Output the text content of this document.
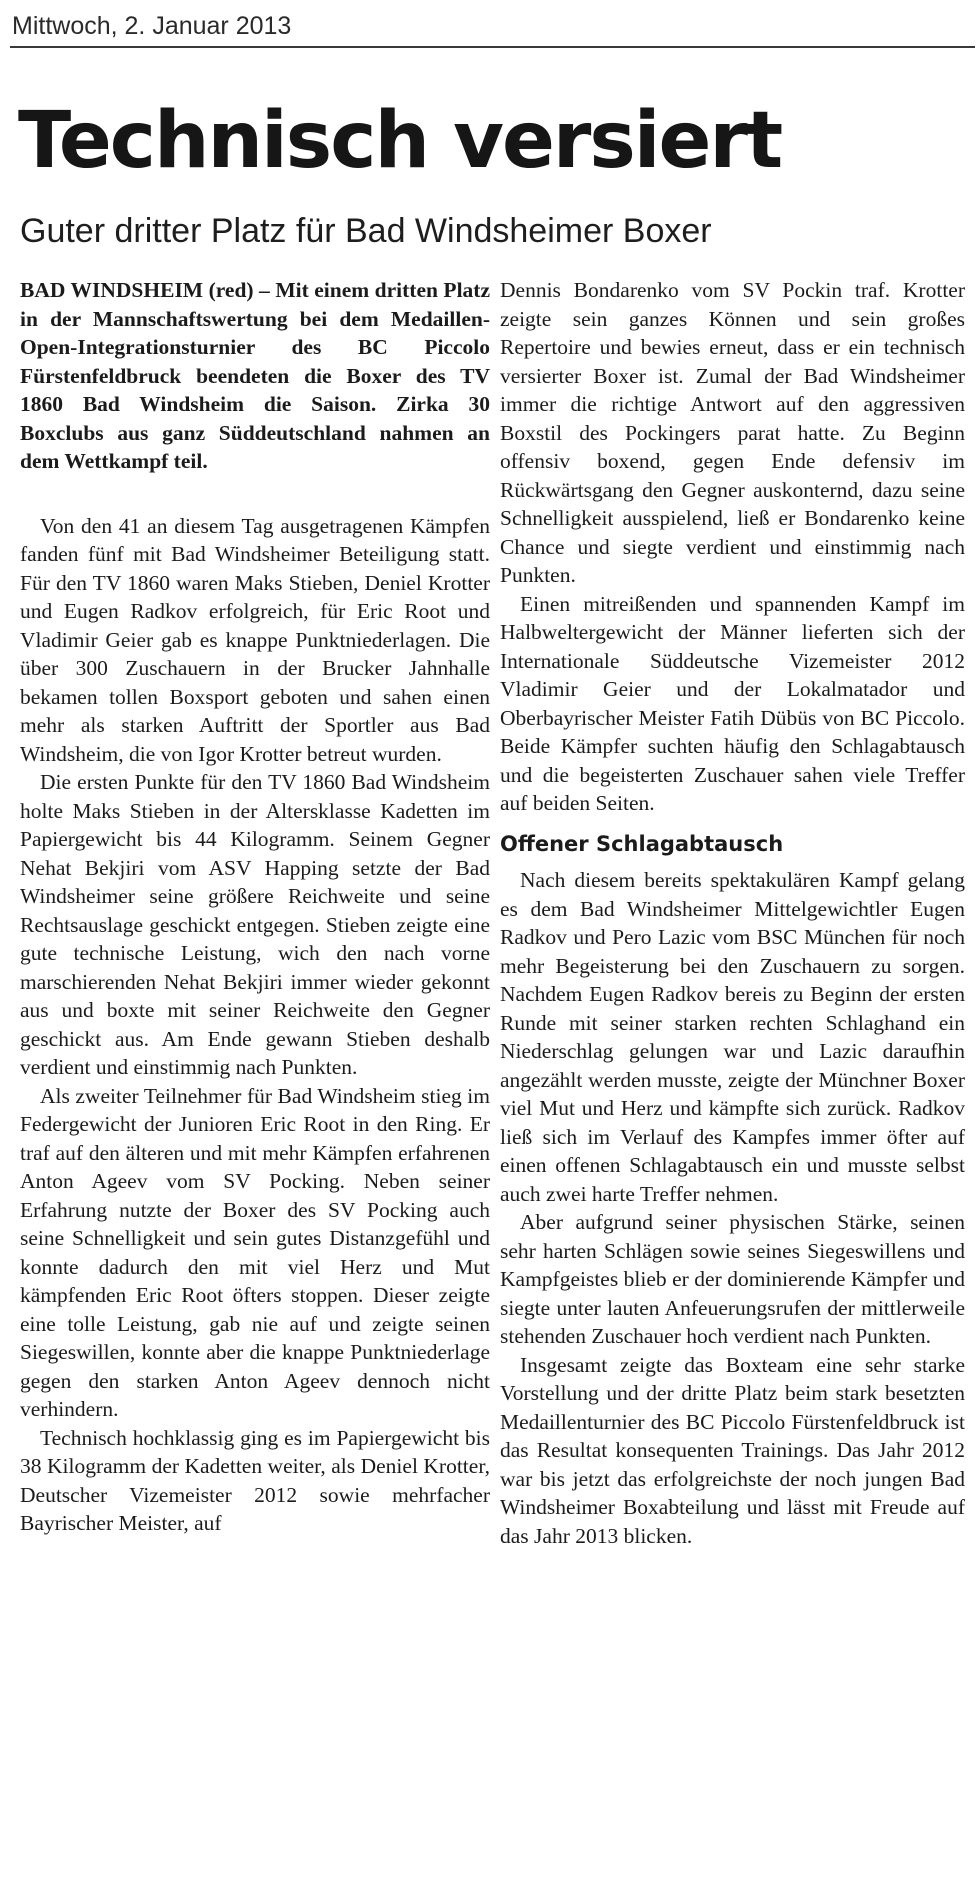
Mittwoch, 2. Januar 2013
Technisch versiert
Guter dritter Platz für Bad Windsheimer Boxer

BAD WINDSHEIM (red) – Mit einem dritten Platz in der Mannschaftswertung bei dem Medaillen-Open-Integrationsturnier des BC Piccolo Fürstenfeldbruck beendeten die Boxer des TV 1860 Bad Windsheim die Saison. Zirka 30 Boxclubs aus ganz Süddeutschland nahmen an dem Wettkampf teil.

Von den 41 an diesem Tag ausgetragenen Kämpfen fanden fünf mit Bad Windsheimer Beteiligung statt. Für den TV 1860 waren Maks Stieben, Deniel Krotter und Eugen Radkov erfolgreich, für Eric Root und Vladimir Geier gab es knappe Punktniederlagen. Die über 300 Zuschauern in der Brucker Jahnhalle bekamen tollen Boxsport geboten und sahen einen mehr als starken Auftritt der Sportler aus Bad Windsheim, die von Igor Krotter betreut wurden.

Die ersten Punkte für den TV 1860 Bad Windsheim holte Maks Stieben in der Altersklasse Kadetten im Papiergewicht bis 44 Kilogramm. Seinem Gegner Nehat Bekjiri vom ASV Happing setzte der Bad Windsheimer seine größere Reichweite und seine Rechtsauslage geschickt entgegen. Stieben zeigte eine gute technische Leistung, wich den nach vorne marschierenden Nehat Bekjiri immer wieder gekonnt aus und boxte mit seiner Reichweite den Gegner geschickt aus. Am Ende gewann Stieben deshalb verdient und einstimmig nach Punkten.

Als zweiter Teilnehmer für Bad Windsheim stieg im Federgewicht der Junioren Eric Root in den Ring. Er traf auf den älteren und mit mehr Kämpfen erfahrenen Anton Ageev vom SV Pocking. Neben seiner Erfahrung nutzte der Boxer des SV Pocking auch seine Schnelligkeit und sein gutes Distanzgefühl und konnte dadurch den mit viel Herz und Mut kämpfenden Eric Root öfters stoppen. Dieser zeigte eine tolle Leistung, gab nie auf und zeigte seinen Siegeswillen, konnte aber die knappe Punktniederlage gegen den starken Anton Ageev dennoch nicht verhindern.

Technisch hochklassig ging es im Papiergewicht bis 38 Kilogramm der Kadetten weiter, als Deniel Krotter, Deutscher Vizemeister 2012 sowie mehrfacher Bayrischer Meister, auf

Dennis Bondarenko vom SV Pockin traf. Krotter zeigte sein ganzes Können und sein großes Repertoire und bewies erneut, dass er ein technisch versierter Boxer ist. Zumal der Bad Windsheimer immer die richtige Antwort auf den aggressiven Boxstil des Pockingers parat hatte. Zu Beginn offensiv boxend, gegen Ende defensiv im Rückwärtsgang den Gegner auskonternd, dazu seine Schnelligkeit ausspielend, ließ er Bondarenko keine Chance und siegte verdient und einstimmig nach Punkten.

Einen mitreißenden und spannenden Kampf im Halbweltergewicht der Männer lieferten sich der Internationale Süddeutsche Vizemeister 2012 Vladimir Geier und der Lokalmatador und Oberbayrischer Meister Fatih Dübüs von BC Piccolo. Beide Kämpfer suchten häufig den Schlagabtausch und die begeisterten Zuschauer sahen viele Treffer auf beiden Seiten.

Offener Schlagabtausch

Nach diesem bereits spektakulären Kampf gelang es dem Bad Windsheimer Mittelgewichtler Eugen Radkov und Pero Lazic vom BSC München für noch mehr Begeisterung bei den Zuschauern zu sorgen. Nachdem Eugen Radkov bereis zu Beginn der ersten Runde mit seiner starken rechten Schlaghand ein Niederschlag gelungen war und Lazic daraufhin angezählt werden musste, zeigte der Münchner Boxer viel Mut und Herz und kämpfte sich zurück. Radkov ließ sich im Verlauf des Kampfes immer öfter auf einen offenen Schlagabtausch ein und musste selbst auch zwei harte Treffer nehmen.

Aber aufgrund seiner physischen Stärke, seinen sehr harten Schlägen sowie seines Siegeswillens und Kampfgeistes blieb er der dominierende Kämpfer und siegte unter lauten Anfeuerungsrufen der mittlerweile stehenden Zuschauer hoch verdient nach Punkten.

Insgesamt zeigte das Boxteam eine sehr starke Vorstellung und der dritte Platz beim stark besetzten Medaillenturnier des BC Piccolo Fürstenfeldbruck ist das Resultat konsequenten Trainings. Das Jahr 2012 war bis jetzt das erfolgreichste der noch jungen Bad Windsheimer Boxabteilung und lässt mit Freude auf das Jahr 2013 blicken.
